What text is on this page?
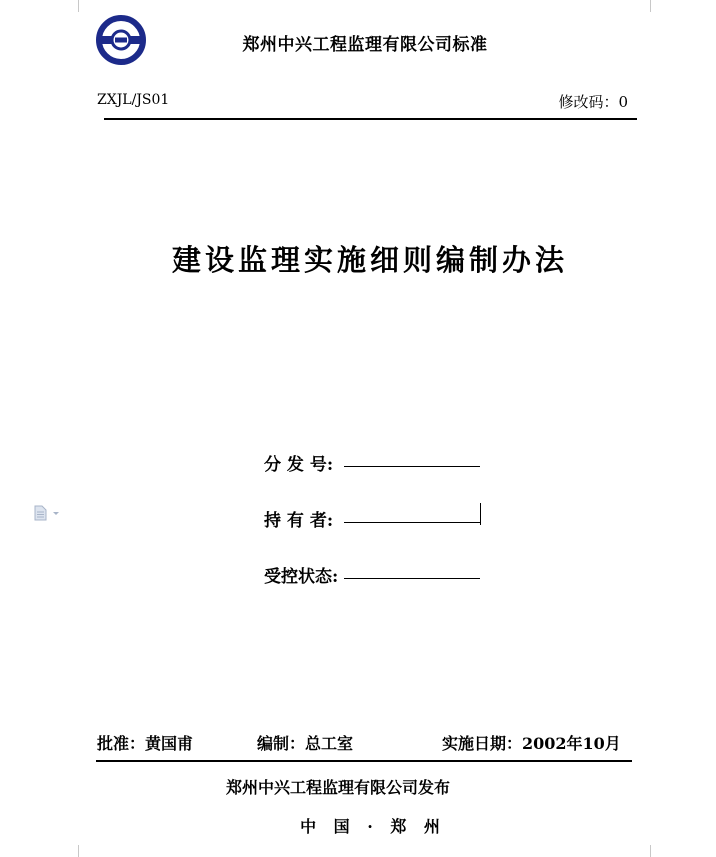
郑州中兴工程监理有限公司标准
ZXJL/JS01	修改码：0
建设监理实施细则编制办法
分 发 号:
持 有 者:
受控状态:
批准：黄国甫	编制：总工室	实施日期：2002年10月
郑州中兴工程监理有限公司发布
中 国 · 郑 州
